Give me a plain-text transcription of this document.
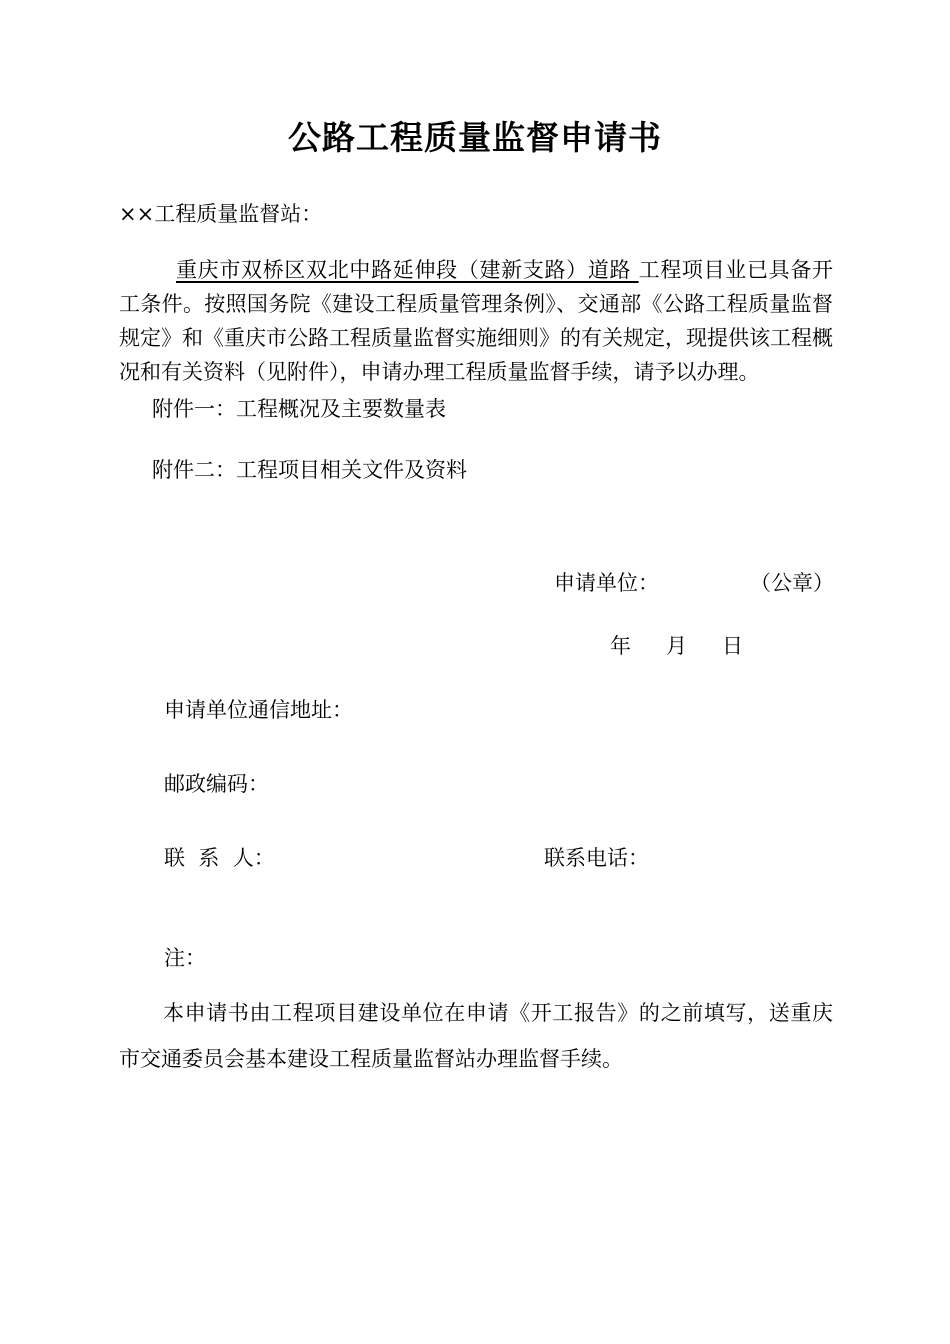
公路工程质量监督申请书
××工程质量监督站：
重庆市双桥区双北中路延伸段（建新支路）道路 工程项目业已具备开工条件。按照国务院《建设工程质量管理条例》、交通部《公路工程质量监督规定》和《重庆市公路工程质量监督实施细则》的有关规定，现提供该工程概况和有关资料（见附件），申请办理工程质量监督手续，请予以办理。
附件一：工程概况及主要数量表
附件二：工程项目相关文件及资料
申请单位：	（公章）
年 月 日
申请单位通信地址：
邮政编码：
联  系  人：	联系电话：
注：
本申请书由工程项目建设单位在申请《开工报告》的之前填写，送重庆市交通委员会基本建设工程质量监督站办理监督手续。
